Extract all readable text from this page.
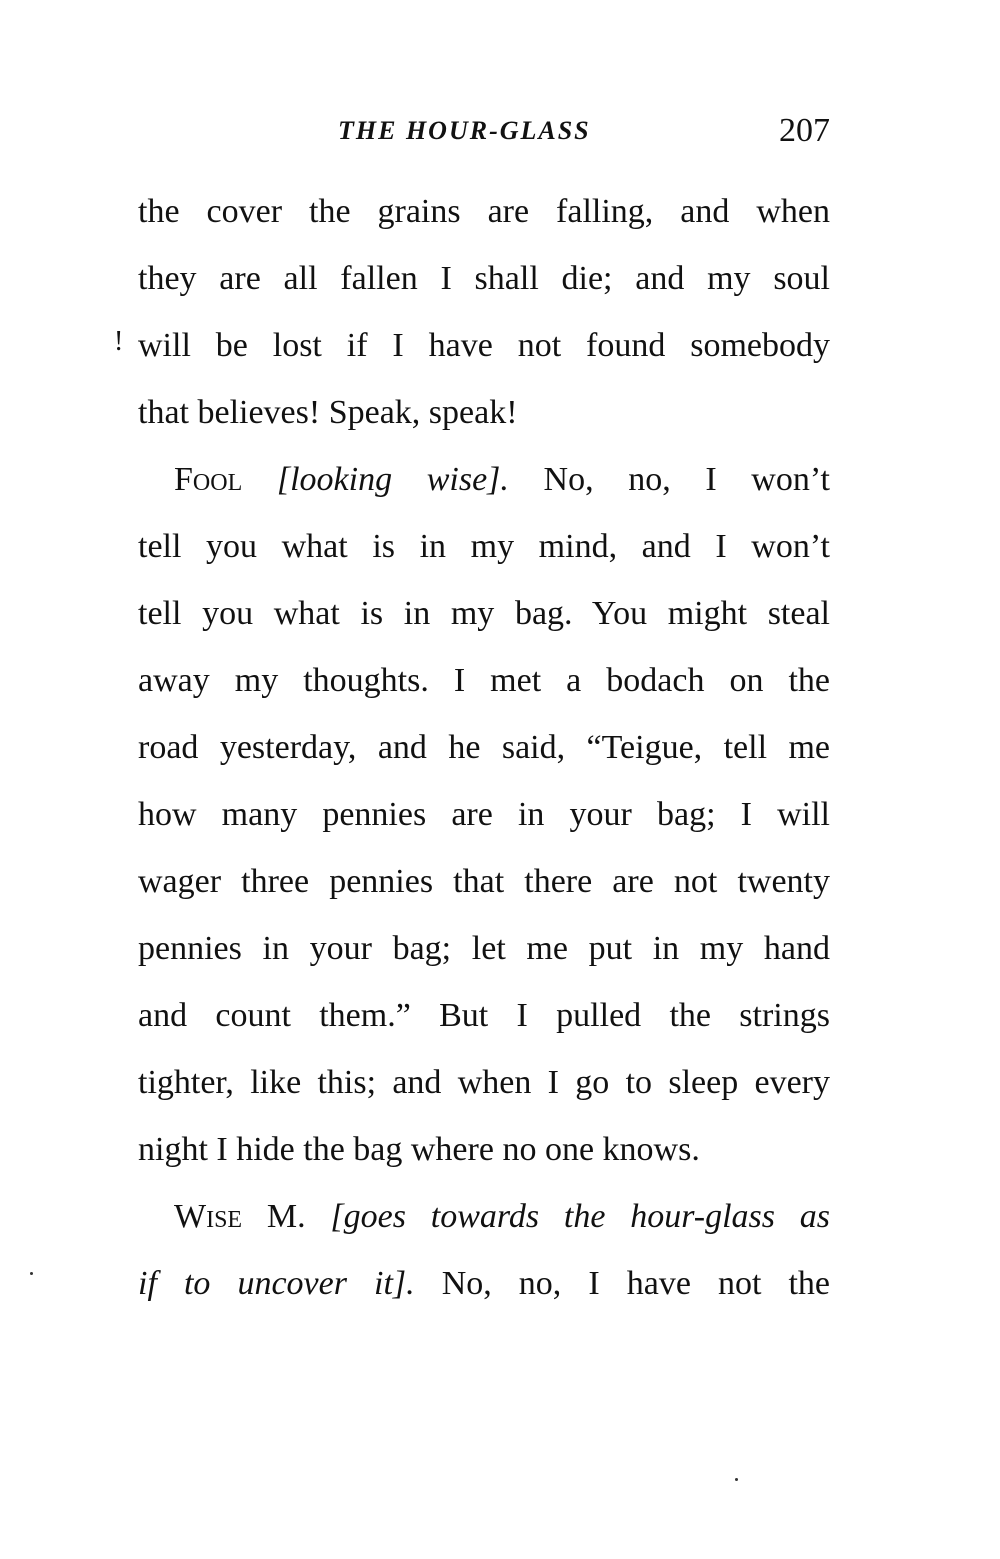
THE HOUR-GLASS	207
!
the cover the grains are falling, and when
they are all fallen I shall die; and my soul
will be lost if I have not found somebody
that believes! Speak, speak!
Fool [looking wise]. No, no, I won’t
tell you what is in my mind, and I won’t
tell you what is in my bag. You might steal
away my thoughts. I met a bodach on the
road yesterday, and he said, “Teigue, tell me
how many pennies are in your bag; I will
wager three pennies that there are not twenty
pennies in your bag; let me put in my hand
and count them.” But I pulled the strings
tighter, like this; and when I go to sleep every
night I hide the bag where no one knows.
Wise M. [goes towards the hour-glass as
if to uncover it]. No, no, I have not the
